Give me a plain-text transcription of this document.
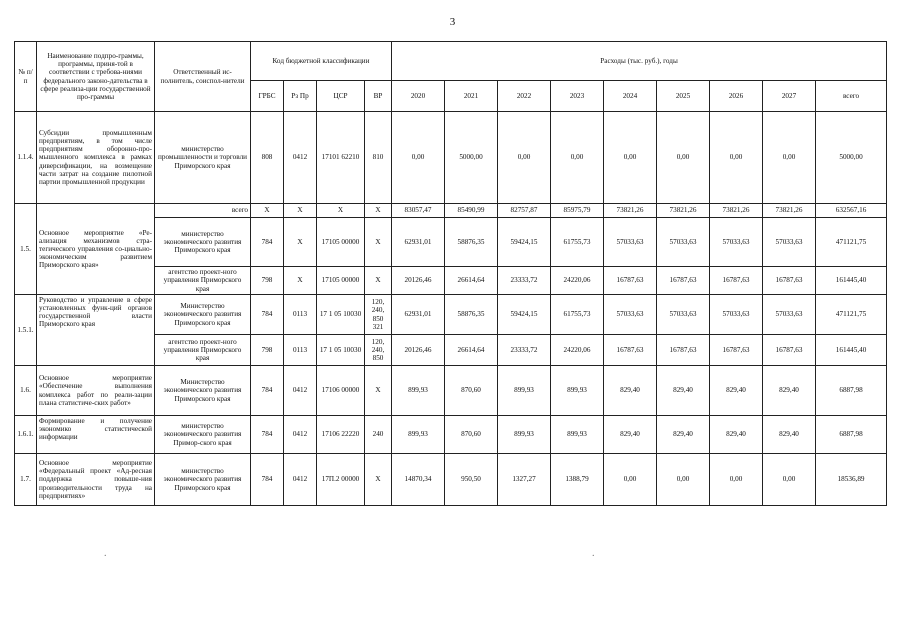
3
№ п/п	Наименование подпро-граммы, программы, приня-той в соответствии с требова-ниями федерального законо-дательства в сфере реализа-ции государственной про-граммы	Ответственный ис-полнитель, соиспол-нители	Код бюджетной классификации				Расходы (тыс. руб.), годы								
			ГРБС	Рз Пр	ЦСР	ВР	2020	2021	2022	2023	2024	2025	2026	2027	всего
1.1.4.	Субсидии промышленным предприятиям, в том числе предприятиям оборонно-про-мышленного комплекса в рамках диверсификации, на возмещение части затрат на создание пилотной партии промышленной продукции	министерство промышленности и торговли Приморского края	808	0412	17101 62210	810	0,00	5000,00	0,00	0,00	0,00	0,00	0,00	0,00	5000,00
1.5.	Основное мероприятие «Ре-ализация механизмов стра-тегического управления со-циально-экономическим развитием Приморского края»	всего	Х	Х	Х	Х	83057,47	85490,99	82757,87	85975,79	73821,26	73821,26	73821,26	73821,26	632567,16
		министерство экономического развития Приморского края	784	Х	17105 00000	Х	62931,01	58876,35	59424,15	61755,73	57033,63	57033,63	57033,63	57033,63	471121,75
		агентство проект-ного управления Приморского края	798	Х	17105 00000	Х	20126,46	26614,64	23333,72	24220,06	16787,63	16787,63	16787,63	16787,63	161445,40
1.5.1.	Руководство и управление в сфере установленных функ-ций органов государственной власти Приморского края	Министерство экономического развития Приморского края	784	0113	17 1 05 10030	120, 240, 850 321	62931,01	58876,35	59424,15	61755,73	57033,63	57033,63	57033,63	57033,63	471121,75
		агентство проект-ного управления Приморского края	798	0113	17 1 05 10030	120, 240, 850	20126,46	26614,64	23333,72	24220,06	16787,63	16787,63	16787,63	16787,63	161445,40
1.6.	Основное мероприятие «Обеспечение выполнения комплекса работ по реали-зации плана статистиче-ских работ»	Министерство экономического развития Приморского края	784	0412	17106 00000	Х	899,93	870,60	899,93	899,93	829,40	829,40	829,40	829,40	6887,98
1.6.1.	Формирование и получение экономико статистической информации	министерство экономического развития Примор-ского края	784	0412	17106 22220	240	899,93	870,60	899,93	899,93	829,40	829,40	829,40	829,40	6887,98
1.7.	Основное мероприятие «Федеральный проект «Ад-ресная поддержка повыше-ния производительности труда на предприятиях»	министерство экономического развития Приморского края	784	0412	17П.2 00000	Х	14870,34	950,50	1327,27	1388,79	0,00	0,00	0,00	0,00	18536,89
.	.
